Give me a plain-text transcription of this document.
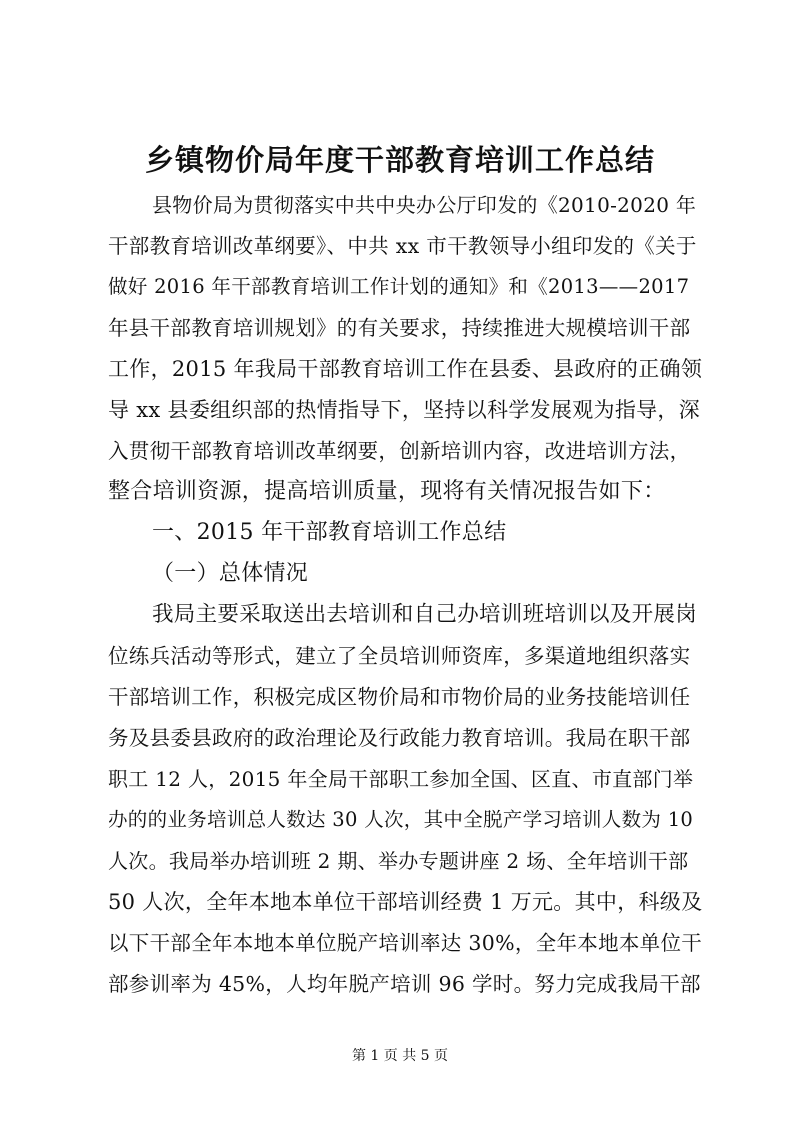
乡镇物价局年度干部教育培训工作总结
县物价局为贯彻落实中共中央办公厅印发的《2010-2020 年
干部教育培训改革纲要》、中共 xx 市干教领导小组印发的《关于
做好 2016 年干部教育培训工作计划的通知》和《2013——2017
年县干部教育培训规划》的有关要求，持续推进大规模培训干部
工作，2015 年我局干部教育培训工作在县委、县政府的正确领
导 xx 县委组织部的热情指导下，坚持以科学发展观为指导，深
入贯彻干部教育培训改革纲要，创新培训内容，改进培训方法，
整合培训资源，提高培训质量，现将有关情况报告如下：
一、2015 年干部教育培训工作总结
（一）总体情况
我局主要采取送出去培训和自己办培训班培训以及开展岗
位练兵活动等形式，建立了全员培训师资库，多渠道地组织落实
干部培训工作，积极完成区物价局和市物价局的业务技能培训任
务及县委县政府的政治理论及行政能力教育培训。我局在职干部
职工 12 人，2015 年全局干部职工参加全国、区直、市直部门举
办的的业务培训总人数达 30 人次，其中全脱产学习培训人数为 10
人次。我局举办培训班 2 期、举办专题讲座 2 场、全年培训干部
50 人次，全年本地本单位干部培训经费 1 万元。其中，科级及
以下干部全年本地本单位脱产培训率达 30%，全年本地本单位干
部参训率为 45%，人均年脱产培训 96 学时。努力完成我局干部
第 1 页 共 5 页
